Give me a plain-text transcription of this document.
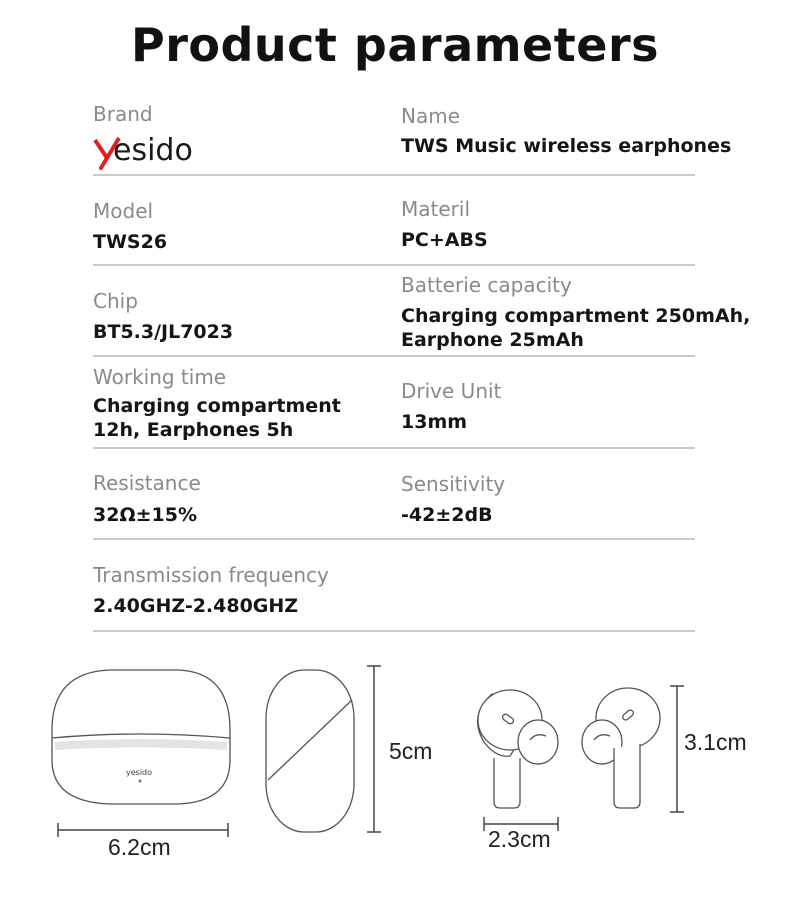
Product parameters
Brand
esido
Name
TWS Music wireless earphones
Model
TWS26
Materil
PC+ABS
Chip
BT5.3/JL7023
Batterie capacity
Charging compartment 250mAh,
Earphone 25mAh
Working time
Charging compartment
12h, Earphones 5h
Drive Unit
13mm
Resistance
32Ω±15%
Sensitivity
-42±2dB
Transmission frequency
2.40GHZ-2.480GHZ
yesido
6.2cm
5cm
2.3cm
3.1cm
